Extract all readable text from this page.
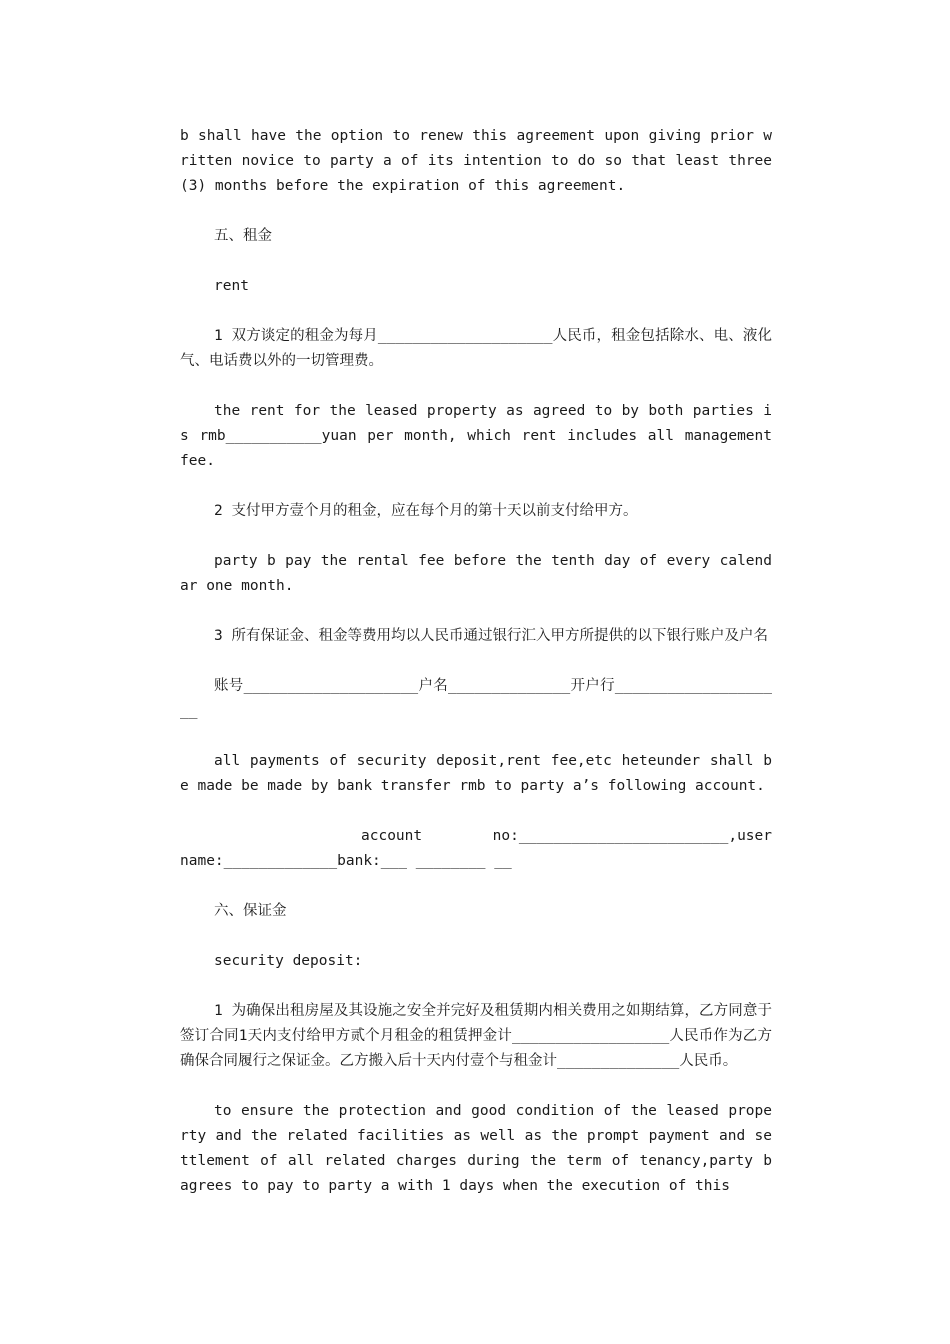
b shall have the option to renew this agreement upon giving prior written novice to party a of its intention to do so that least three(3) months before the expiration of this agreement.

五、租金

rent

1 双方谈定的租金为每月____________________人民币，租金包括除水、电、液化气、电话费以外的一切管理费。

the rent for the leased property as agreed to by both parties is rmb___________yuan per month, which rent includes all management fee.

2 支付甲方壹个月的租金，应在每个月的第十天以前支付给甲方。

party b pay the rental fee before the tenth day of every calendar one month.

3 所有保证金、租金等费用均以人民币通过银行汇入甲方所提供的以下银行账户及户名

账号____________________户名______________开户行____________________

all payments of security deposit,rent fee,etc heteunder shall be made be made by bank transfer rmb to party a’s following account.

account	no:________________________,user
name:_____________bank:___ ________ __

六、保证金

security deposit:

1 为确保出租房屋及其设施之安全并完好及租赁期内相关费用之如期结算，乙方同意于签订合同1天内支付给甲方贰个月租金的租赁押金计__________________人民币作为乙方确保合同履行之保证金。乙方搬入后十天内付壹个与租金计______________人民币。

to ensure the protection and good condition of the leased property and the related facilities as well as the prompt payment and settlement of all related charges during the term of tenancy,party b agrees to pay to party a with 1 days when the execution of this
